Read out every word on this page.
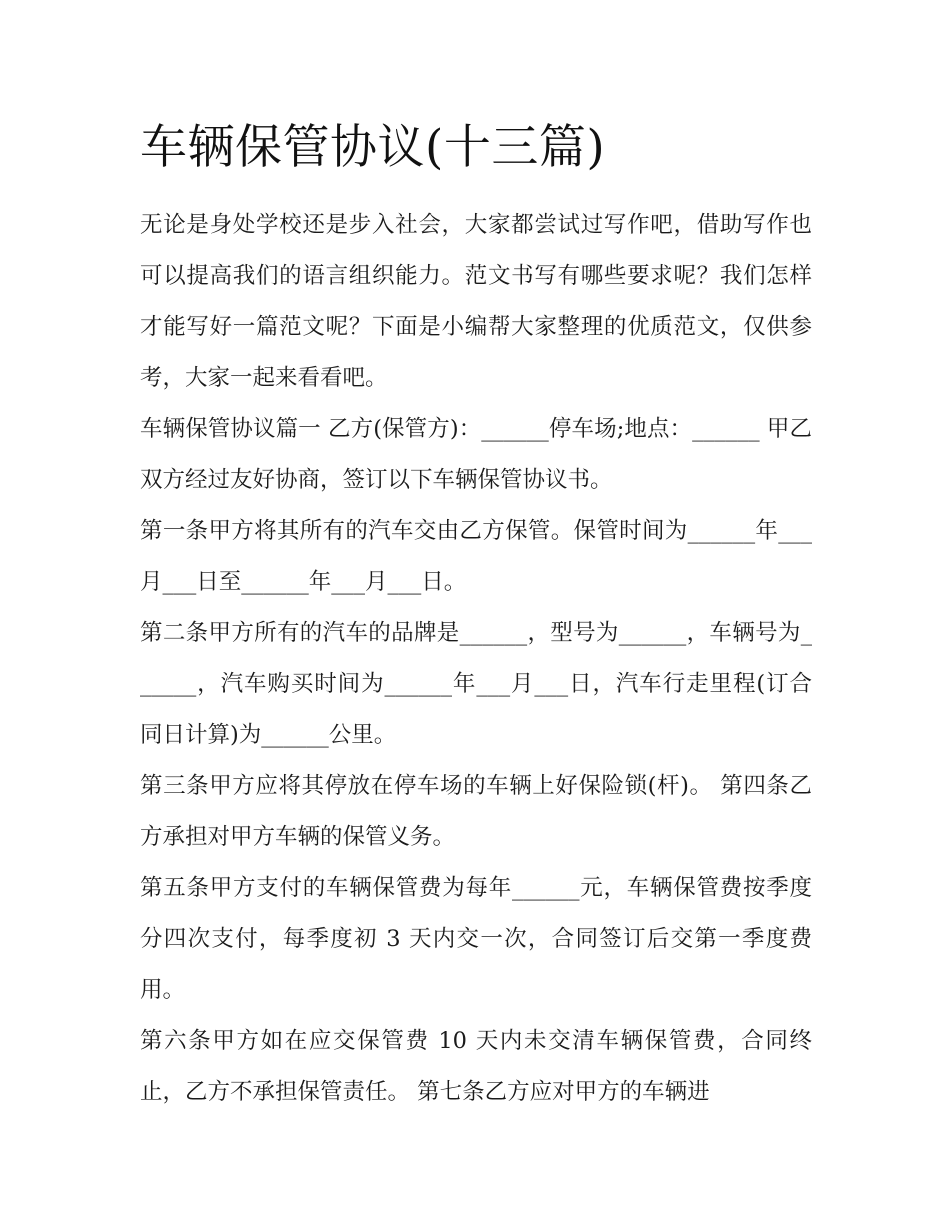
车辆保管协议(十三篇)

无论是身处学校还是步入社会，大家都尝试过写作吧，借助写作也可以提高我们的语言组织能力。范文书写有哪些要求呢？我们怎样才能写好一篇范文呢？下面是小编帮大家整理的优质范文，仅供参考，大家一起来看看吧。

车辆保管协议篇一 乙方(保管方)：______停车场;地点：______ 甲乙双方经过友好协商，签订以下车辆保管协议书。

第一条甲方将其所有的汽车交由乙方保管。保管时间为______年___月___日至______年___月___日。

第二条甲方所有的汽车的品牌是______，型号为______，车辆号为______，汽车购买时间为______年___月___日，汽车行走里程(订合同日计算)为______公里。

第三条甲方应将其停放在停车场的车辆上好保险锁(杆)。 第四条乙方承担对甲方车辆的保管义务。

第五条甲方支付的车辆保管费为每年______元，车辆保管费按季度分四次支付，每季度初 3 天内交一次，合同签订后交第一季度费用。

第六条甲方如在应交保管费 10 天内未交清车辆保管费，合同终止，乙方不承担保管责任。 第七条乙方应对甲方的车辆进
